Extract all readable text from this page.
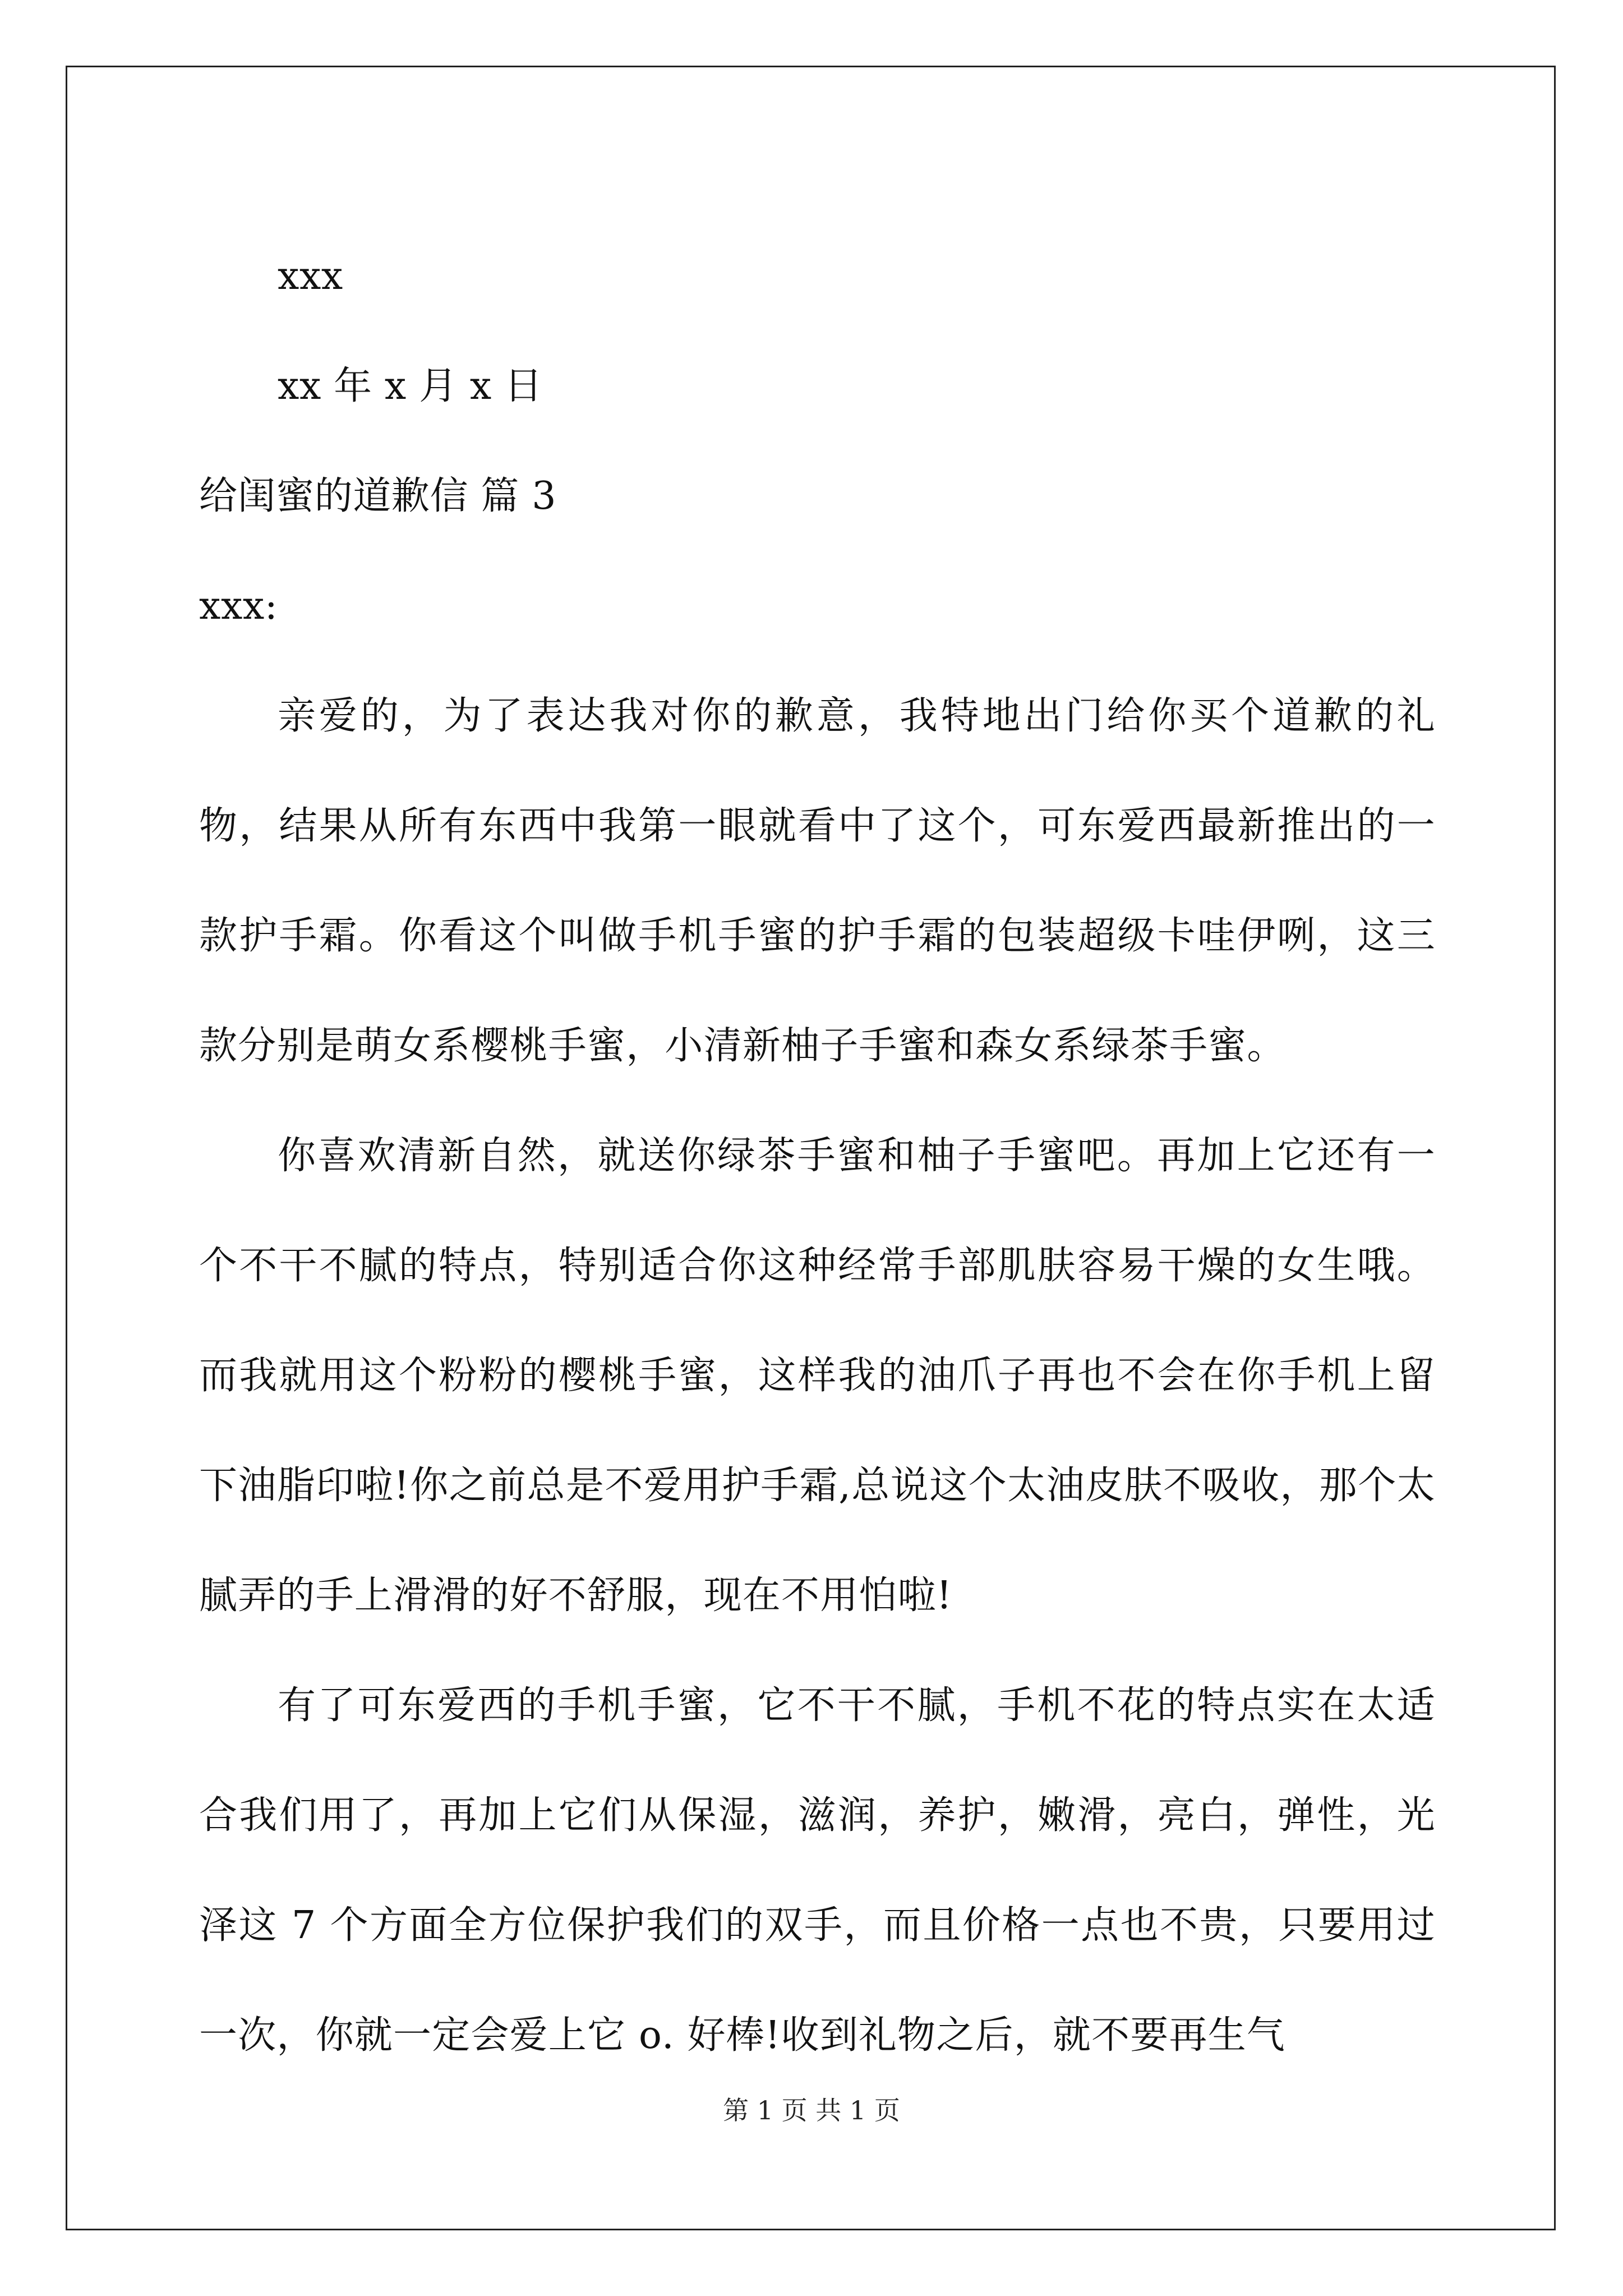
xxx
xx 年 x 月 x 日
给闺蜜的道歉信 篇 3
xxx:

亲爱的，为了表达我对你的歉意，我特地出门给你买个道歉的礼物，结果从所有东西中我第一眼就看中了这个，可东爱西最新推出的一款护手霜。你看这个叫做手机手蜜的护手霜的包装超级卡哇伊咧，这三款分别是萌女系樱桃手蜜，小清新柚子手蜜和森女系绿茶手蜜。

你喜欢清新自然，就送你绿茶手蜜和柚子手蜜吧。再加上它还有一个不干不腻的特点，特别适合你这种经常手部肌肤容易干燥的女生哦。而我就用这个粉粉的樱桃手蜜，这样我的油爪子再也不会在你手机上留下油脂印啦!你之前总是不爱用护手霜,总说这个太油皮肤不吸收，那个太腻弄的手上滑滑的好不舒服，现在不用怕啦!

有了可东爱西的手机手蜜，它不干不腻，手机不花的特点实在太适合我们用了，再加上它们从保湿，滋润，养护，嫩滑，亮白，弹性，光泽这 7 个方面全方位保护我们的双手，而且价格一点也不贵，只要用过一次，你就一定会爱上它 o. 好棒!收到礼物之后，就不要再生气

第 1 页 共 1 页
